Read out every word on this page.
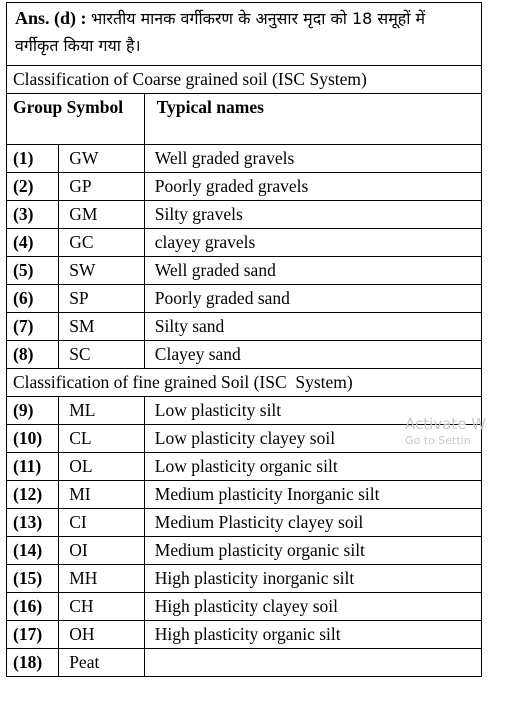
Ans. (d) : भारतीय मानक वर्गीकरण के अनुसार मृदा को 18 समूहों में वर्गीकृत किया गया है।		
Classification of Coarse grained soil (ISC System)		
Group Symbol		Typical names
(1)	GW	Well graded gravels
(2)	GP	Poorly graded gravels
(3)	GM	Silty gravels
(4)	GC	clayey gravels
(5)	SW	Well graded sand
(6)	SP	Poorly graded sand
(7)	SM	Silty sand
(8)	SC	Clayey sand
Classification of fine grained Soil (ISC  System)		
(9)	ML	Low plasticity silt
(10)	CL	Low plasticity clayey soil
(11)	OL	Low plasticity organic silt
(12)	MI	Medium plasticity Inorganic silt
(13)	CI	Medium Plasticity clayey soil
(14)	OI	Medium plasticity organic silt
(15)	MH	High plasticity inorganic silt
(16)	CH	High plasticity clayey soil
(17)	OH	High plasticity organic silt
(18)	Peat	
Activate W
Go to Settin
